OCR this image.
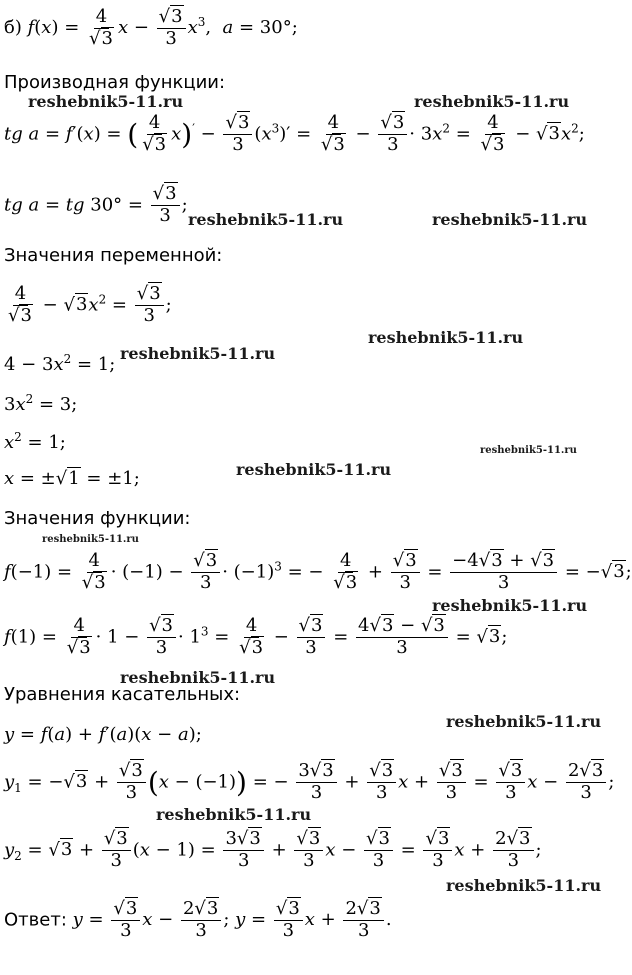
б) $f(x) = \frac{4}{√3}$ $x - \frac{√3}{3} x^3$,  a = 30°;
Производная функции:
tg a = f′(x) = ( $\frac{4}{√3} x)' - \frac{√3}{3} (x^3)' = \frac{4}{√3} - \frac{√3}{3} \cdot 3x^2 = \frac{4}{√3} - √3x^2$;
tg a = tg $30^\circ = \frac{√3}{3}$ ;
Значения переменной:
$\frac{4}{√3} - √3x^2 = \frac{√3}{3}$ ;
$4 - 3x^2 = 1$;
$3x^2 = 3$;
$x^2 = 1$;
x = ±√1 = ±1;
Значения функции:
$f(-1) = \frac{4}{√3} \cdot (-1) - \frac{√3}{3} \cdot (-1)^3$ = − $\frac{4}{√3} + \frac{√3}{3} = \frac{-4√3 + √3}{3} = -√3$;
$f(1) = \frac{4}{√3} \cdot 1 - \frac{√3}{3} \cdot 1^3 = \frac{4}{√3} - \frac{√3}{3} = \frac{4√3 - √3}{3} = √3$;
Уравнения касательных:
y = f(a) + f′(a)(x − a);
$y_1 = -√3 + \frac{√3}{3} (x - (-1))$ = − $\frac{3√3}{3} + \frac{√3}{3}$ $x + \frac{√3}{3} = \frac{√3}{3}$ $x - \frac{2√3}{3}$ ;
$y_2 = √3 + \frac{√3}{3} (x - 1) = \frac{3√3}{3} + \frac{√3}{3}$ $x - \frac{√3}{3} = \frac{√3}{3}$ $x + \frac{2√3}{3}$ ;
Ответ: $y = \frac{√3}{3}$ $x - \frac{2√3}{3}$ ; $y = \frac{√3}{3}$ $x + \frac{2√3}{3}$ .
reshebnik5-11.ru	reshebnik5-11.ru
reshebnik5-11.ru	reshebnik5-11.ru
reshebnik5-11.ru
reshebnik5-11.ru
reshebnik5-11.ru
reshebnik5-11.ru
reshebnik5-11.ru
reshebnik5-11.ru
reshebnik5-11.ru
reshebnik5-11.ru
reshebnik5-11.ru
reshebnik5-11.ru
